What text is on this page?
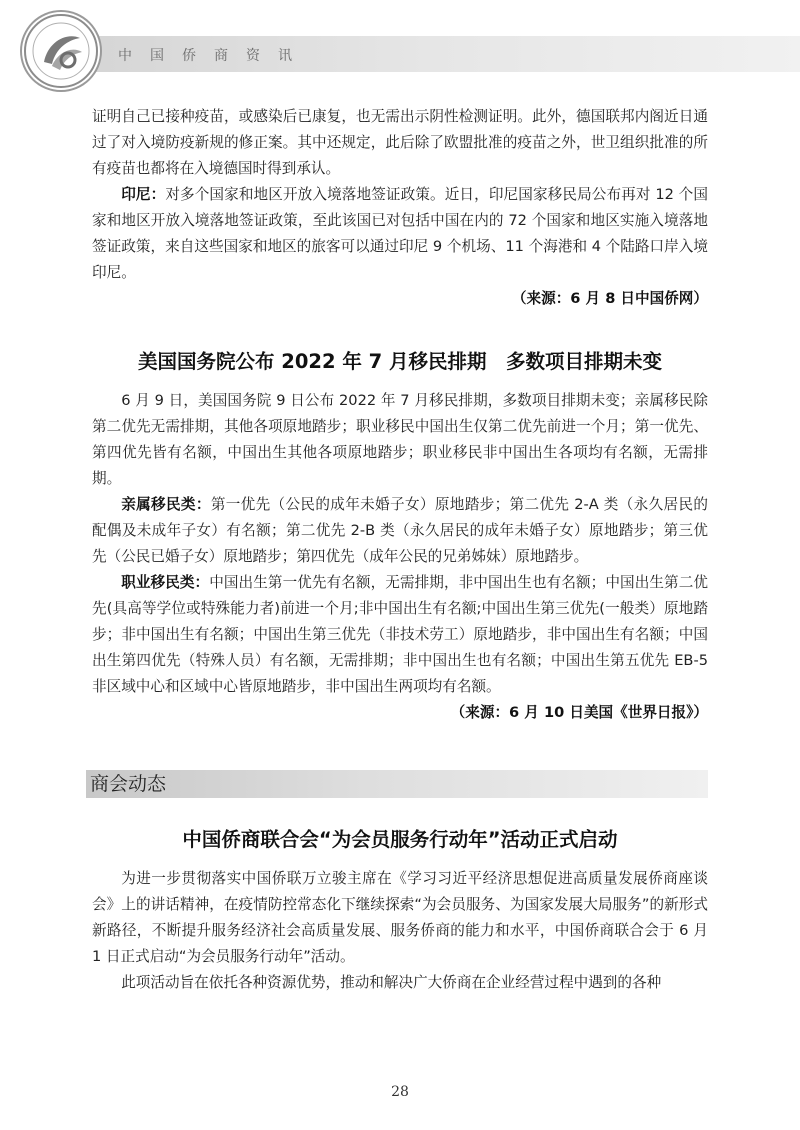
中国侨商资讯

证明自己已接种疫苗，或感染后已康复，也无需出示阴性检测证明。此外，德国联邦内阁近日通过了对入境防疫新规的修正案。其中还规定，此后除了欧盟批准的疫苗之外，世卫组织批准的所有疫苗也都将在入境德国时得到承认。

印尼：对多个国家和地区开放入境落地签证政策。近日，印尼国家移民局公布再对 12 个国家和地区开放入境落地签证政策，至此该国已对包括中国在内的 72 个国家和地区实施入境落地签证政策，来自这些国家和地区的旅客可以通过印尼 9 个机场、11 个海港和 4 个陆路口岸入境印尼。

（来源：6 月 8 日中国侨网）
美国国务院公布 2022 年 7 月移民排期　多数项目排期未变

6 月 9 日，美国国务院 9 日公布 2022 年 7 月移民排期，多数项目排期未变；亲属移民除第二优先无需排期，其他各项原地踏步；职业移民中国出生仅第二优先前进一个月；第一优先、第四优先皆有名额，中国出生其他各项原地踏步；职业移民非中国出生各项均有名额，无需排期。

亲属移民类：第一优先（公民的成年未婚子女）原地踏步；第二优先 2-A 类（永久居民的配偶及未成年子女）有名额；第二优先 2-B 类（永久居民的成年未婚子女）原地踏步；第三优先（公民已婚子女）原地踏步；第四优先（成年公民的兄弟姊妹）原地踏步。

职业移民类：中国出生第一优先有名额，无需排期，非中国出生也有名额；中国出生第二优先(具高等学位或特殊能力者)前进一个月;非中国出生有名额;中国出生第三优先(一般类）原地踏步；非中国出生有名额；中国出生第三优先（非技术劳工）原地踏步，非中国出生有名额；中国出生第四优先（特殊人员）有名额，无需排期；非中国出生也有名额；中国出生第五优先 EB-5 非区域中心和区域中心皆原地踏步，非中国出生两项均有名额。

（来源：6 月 10 日美国《世界日报》）
商会动态
中国侨商联合会“为会员服务行动年”活动正式启动

为进一步贯彻落实中国侨联万立骏主席在《学习习近平经济思想促进高质量发展侨商座谈会》上的讲话精神，在疫情防控常态化下继续探索“为会员服务、为国家发展大局服务”的新形式新路径，不断提升服务经济社会高质量发展、服务侨商的能力和水平，中国侨商联合会于 6 月 1 日正式启动“为会员服务行动年”活动。

此项活动旨在依托各种资源优势，推动和解决广大侨商在企业经营过程中遇到的各种

28
